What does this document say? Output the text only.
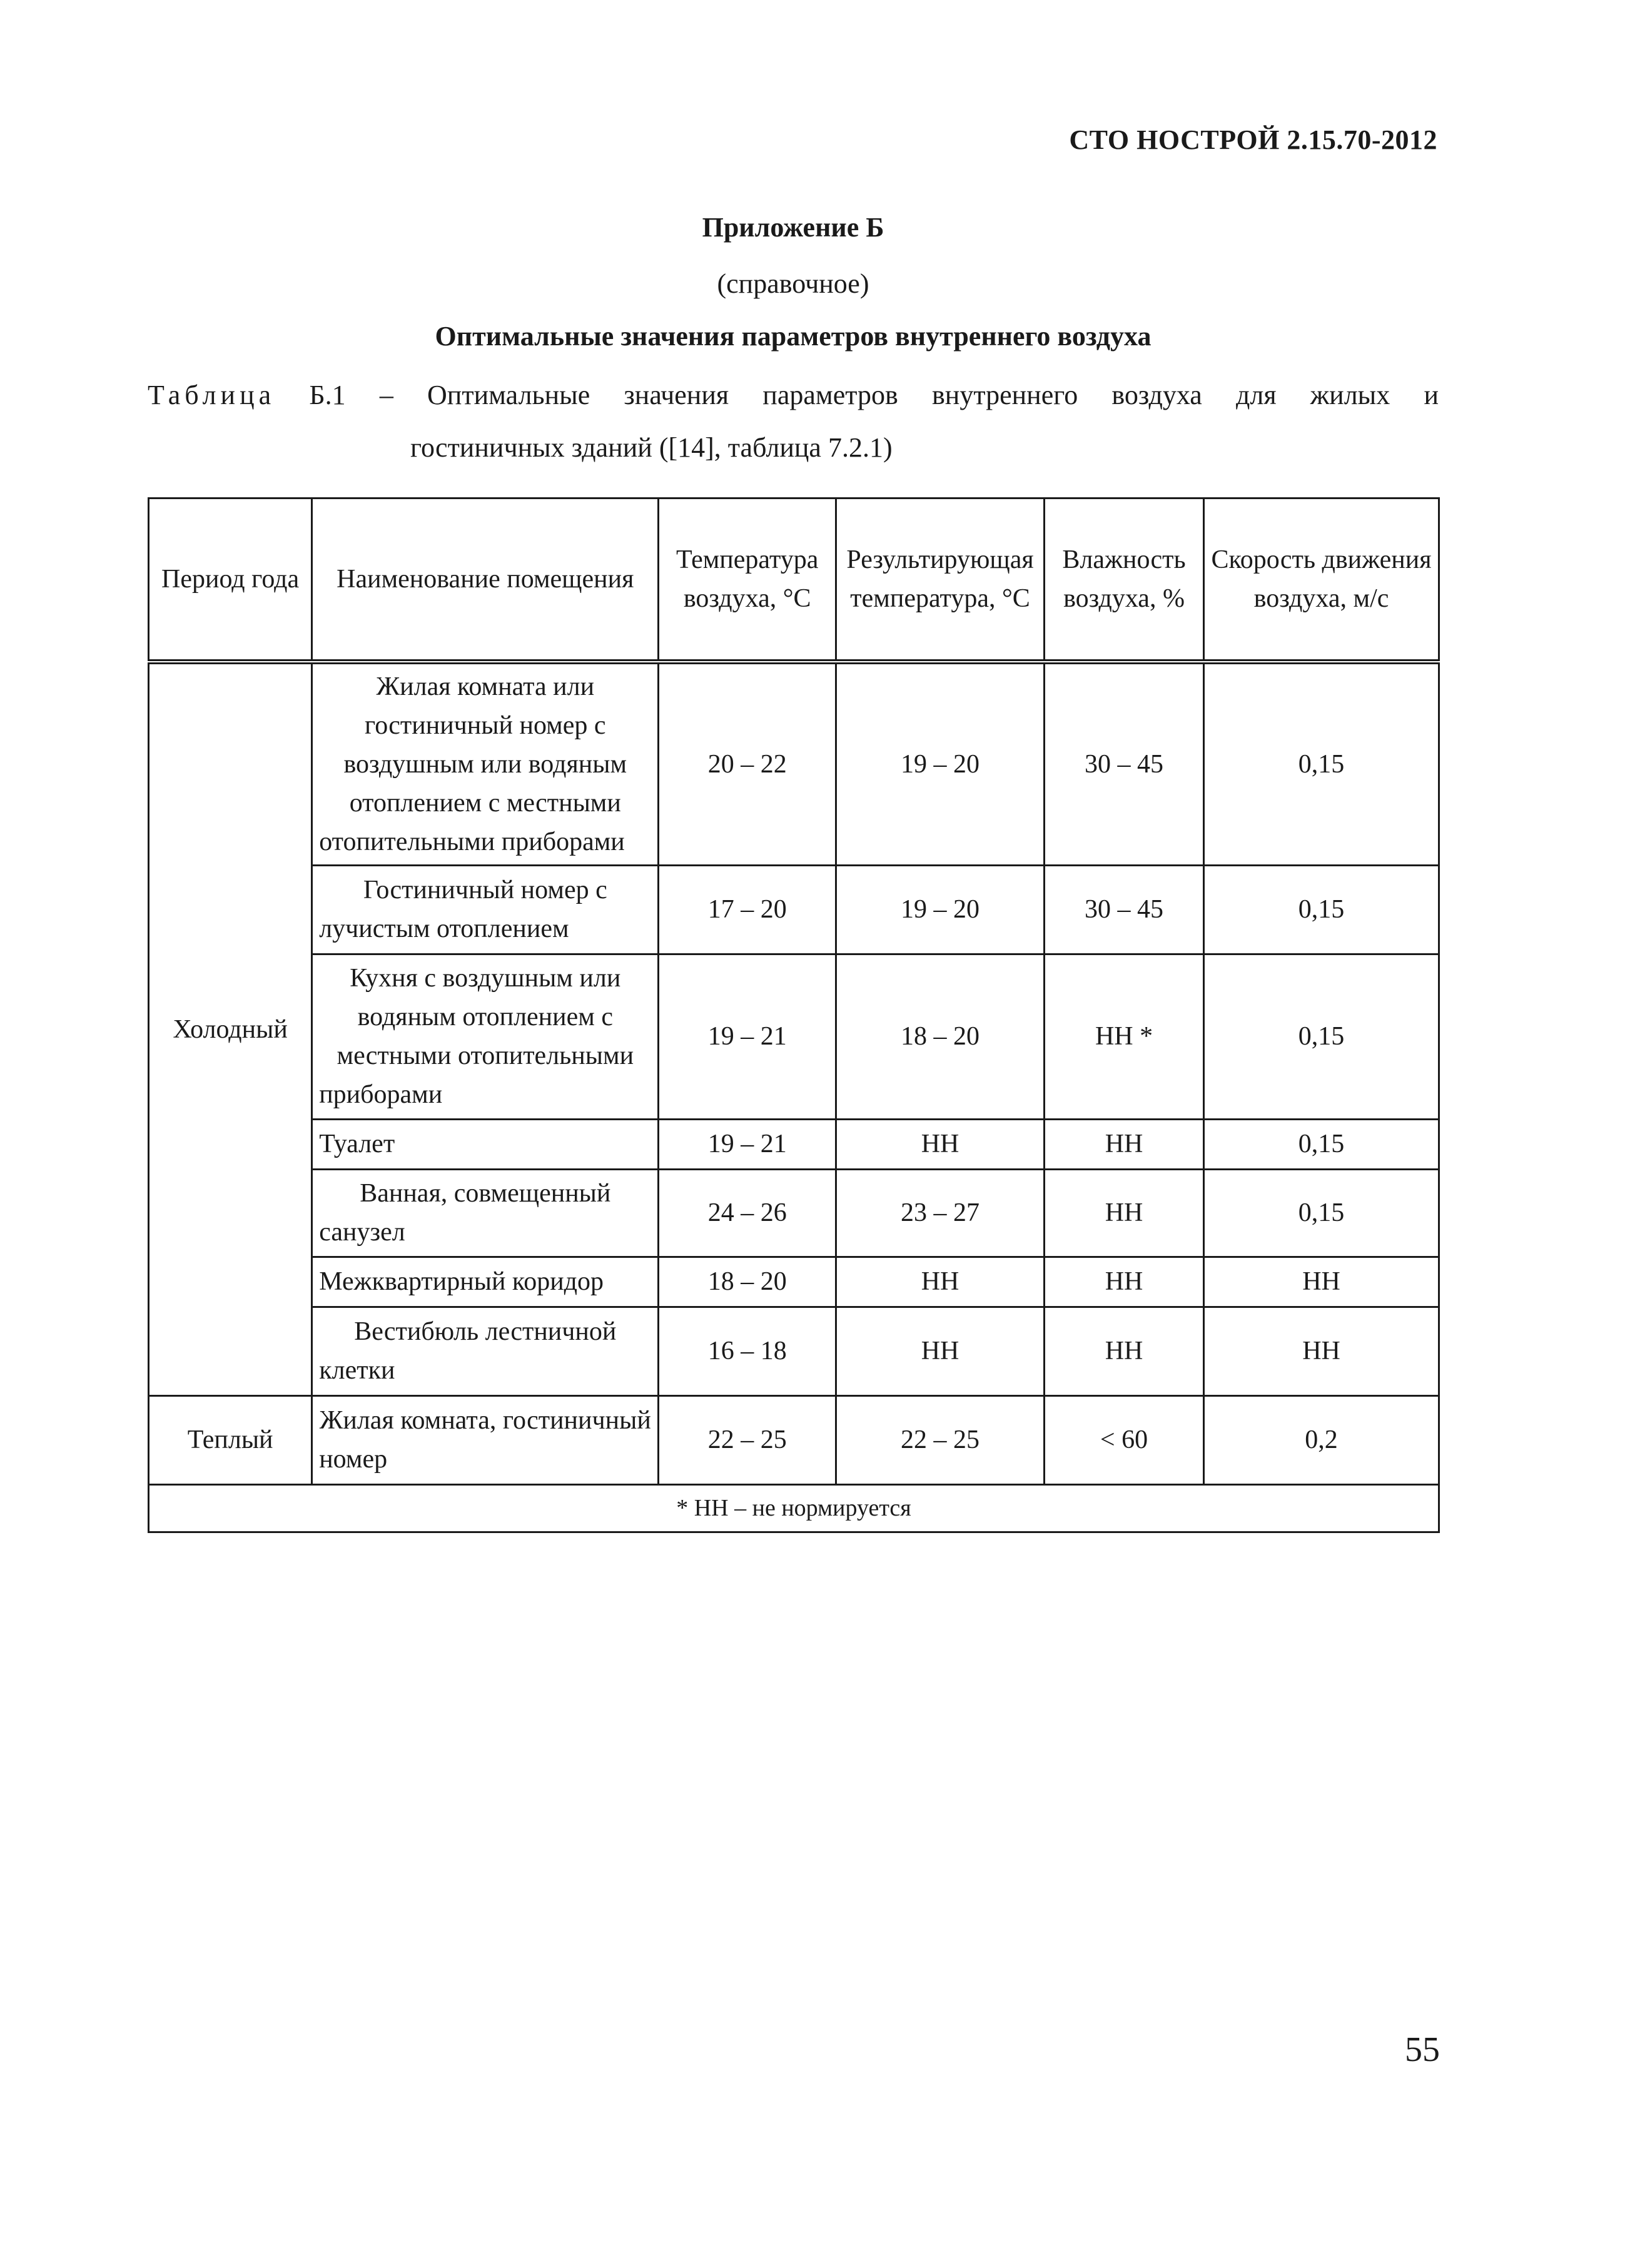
СТО НОСТРОЙ 2.15.70-2012
Приложение Б
(справочное)
Оптимальные значения параметров внутреннего воздуха
Таблица Б.1 – Оптимальные значения параметров внутреннего воздуха для жилых и
гостиничных зданий ([14], таблица 7.2.1)
Период года	Наименование помещения	Температура воздуха, °С	Результирующая температура, °С	Влажность воздуха, %	Скорость движения воздуха, м/с
Холодный	Жилая комната или гостиничный номер с воздушным или водяным отоплением с местными отопительными приборами	20 – 22	19 – 20	30 – 45	0,15
	Гостиничный номер с лучистым отоплением	17 – 20	19 – 20	30 – 45	0,15
	Кухня с воздушным или водяным отоплением с местными отопительными приборами	19 – 21	18 – 20	НН *	0,15
	Туалет	19 – 21	НН	НН	0,15
	Ванная, совмещенный санузел	24 – 26	23 – 27	НН	0,15
	Межквартирный коридор	18 – 20	НН	НН	НН
	Вестибюль лестничной клетки	16 – 18	НН	НН	НН
Теплый	Жилая комната, гостиничный номер	22 – 25	22 – 25	< 60	0,2
* НН – не нормируется					
55
